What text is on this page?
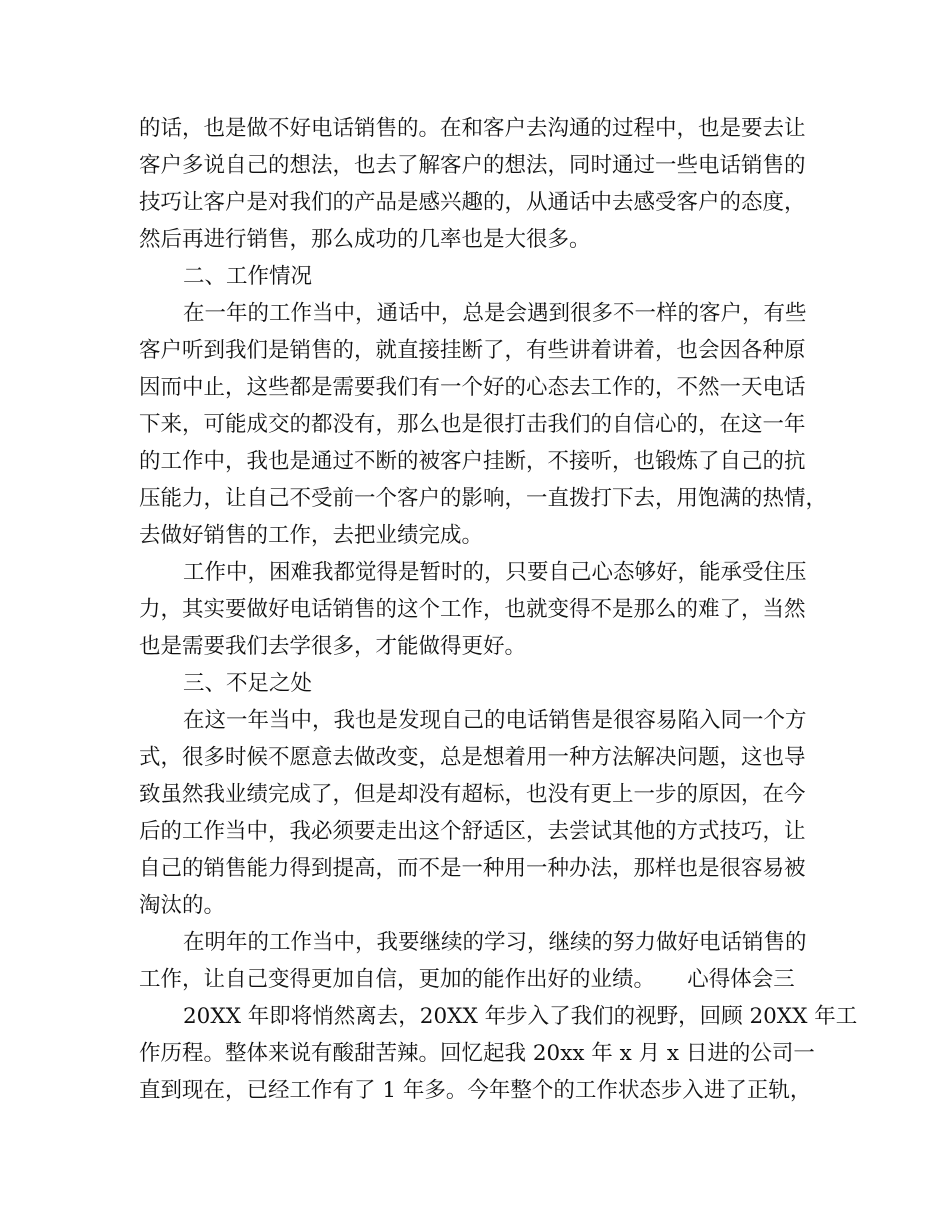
的话，也是做不好电话销售的。在和客户去沟通的过程中，也是要去让

客户多说自己的想法，也去了解客户的想法，同时通过一些电话销售的

技巧让客户是对我们的产品是感兴趣的，从通话中去感受客户的态度，

然后再进行销售，那么成功的几率也是大很多。

二、工作情况

在一年的工作当中，通话中，总是会遇到很多不一样的客户，有些

客户听到我们是销售的，就直接挂断了，有些讲着讲着，也会因各种原

因而中止，这些都是需要我们有一个好的心态去工作的，不然一天电话

下来，可能成交的都没有，那么也是很打击我们的自信心的，在这一年

的工作中，我也是通过不断的被客户挂断，不接听，也锻炼了自己的抗

压能力，让自己不受前一个客户的影响，一直拨打下去，用饱满的热情，

去做好销售的工作，去把业绩完成。

工作中，困难我都觉得是暂时的，只要自己心态够好，能承受住压

力，其实要做好电话销售的这个工作，也就变得不是那么的难了，当然

也是需要我们去学很多，才能做得更好。

三、不足之处

在这一年当中，我也是发现自己的电话销售是很容易陷入同一个方

式，很多时候不愿意去做改变，总是想着用一种方法解决问题，这也导

致虽然我业绩完成了，但是却没有超标，也没有更上一步的原因，在今

后的工作当中，我必须要走出这个舒适区，去尝试其他的方式技巧，让

自己的销售能力得到提高，而不是一种用一种办法，那样也是很容易被

淘汰的。

在明年的工作当中，我要继续的学习，继续的努力做好电话销售的

工作，让自己变得更加自信，更加的能作出好的业绩。　　心得体会三

20XX 年即将悄然离去，20XX 年步入了我们的视野，回顾 20XX 年工

作历程。整体来说有酸甜苦辣。回忆起我 20xx 年 x 月 x 日进的公司一

直到现在，已经工作有了 1 年多。今年整个的工作状态步入进了正轨，
